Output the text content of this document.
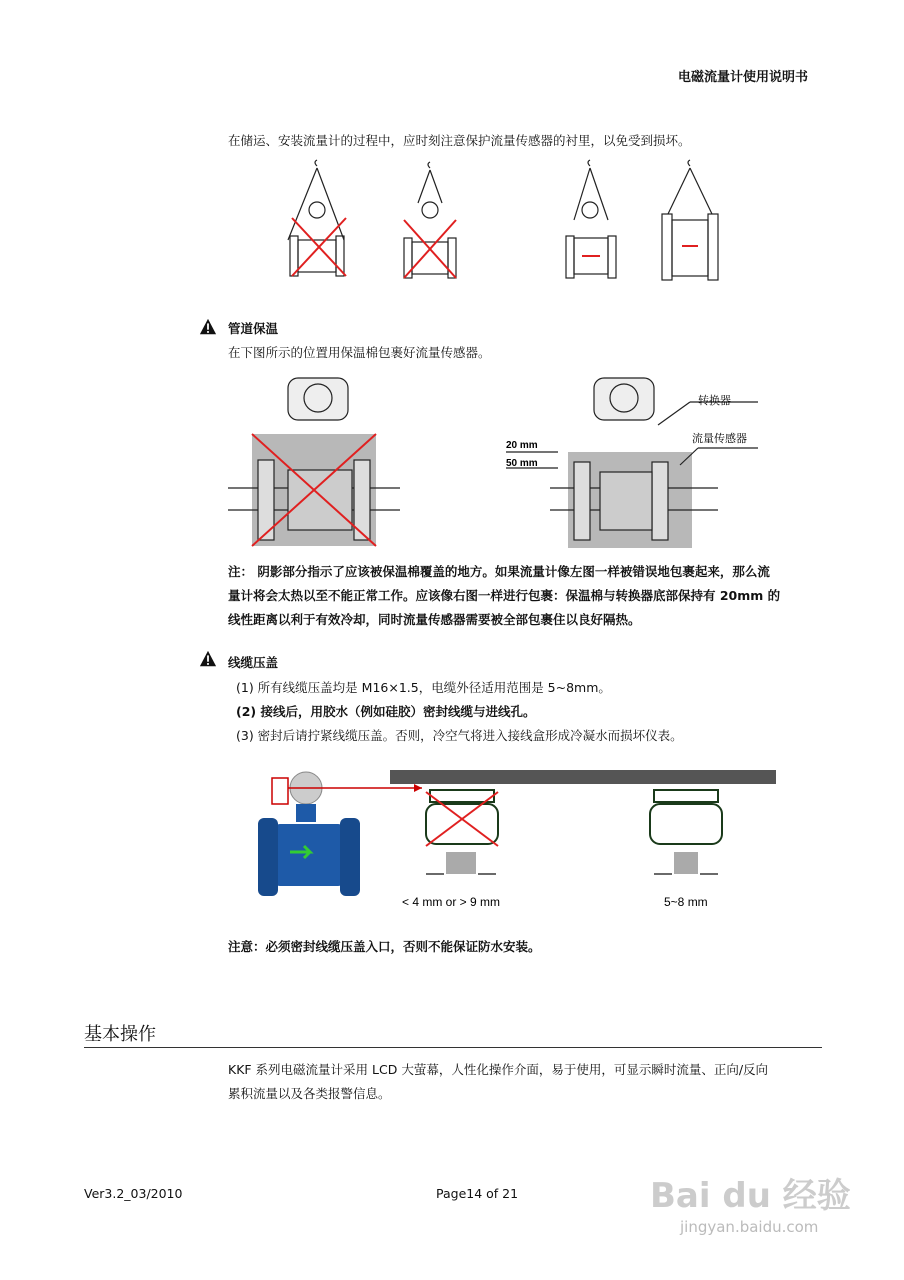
电磁流量计使用说明书
在储运、安装流量计的过程中，应时刻注意保护流量传感器的衬里，以免受到损坏。
管道保温
在下图所示的位置用保温棉包裹好流量传感器。
转换器
流量传感器
20 mm
50 mm
注： 阴影部分指示了应该被保温棉覆盖的地方。如果流量计像左图一样被错误地包裹起来，那么流
量计将会太热以至不能正常工作。应该像右图一样进行包裹：保温棉与转换器底部保持有 20mm 的
线性距离以利于有效冷却，同时流量传感器需要被全部包裹住以良好隔热。
线缆压盖
(1) 所有线缆压盖均是 M16×1.5，电缆外径适用范围是 5~8mm。
(2) 接线后，用胶水（例如硅胶）密封线缆与进线孔。
(3) 密封后请拧紧线缆压盖。否则，冷空气将进入接线盒形成冷凝水而损坏仪表。
< 4 mm or > 9 mm	5~8 mm
注意：必须密封线缆压盖入口，否则不能保证防水安装。
基本操作
KKF 系列电磁流量计采用 LCD 大萤幕，人性化操作介面，易于使用，可显示瞬时流量、正向/反向
累积流量以及各类报警信息。
Ver3.2_03/2010	Page14 of 21	Bai du 经验
jingyan.baidu.com
